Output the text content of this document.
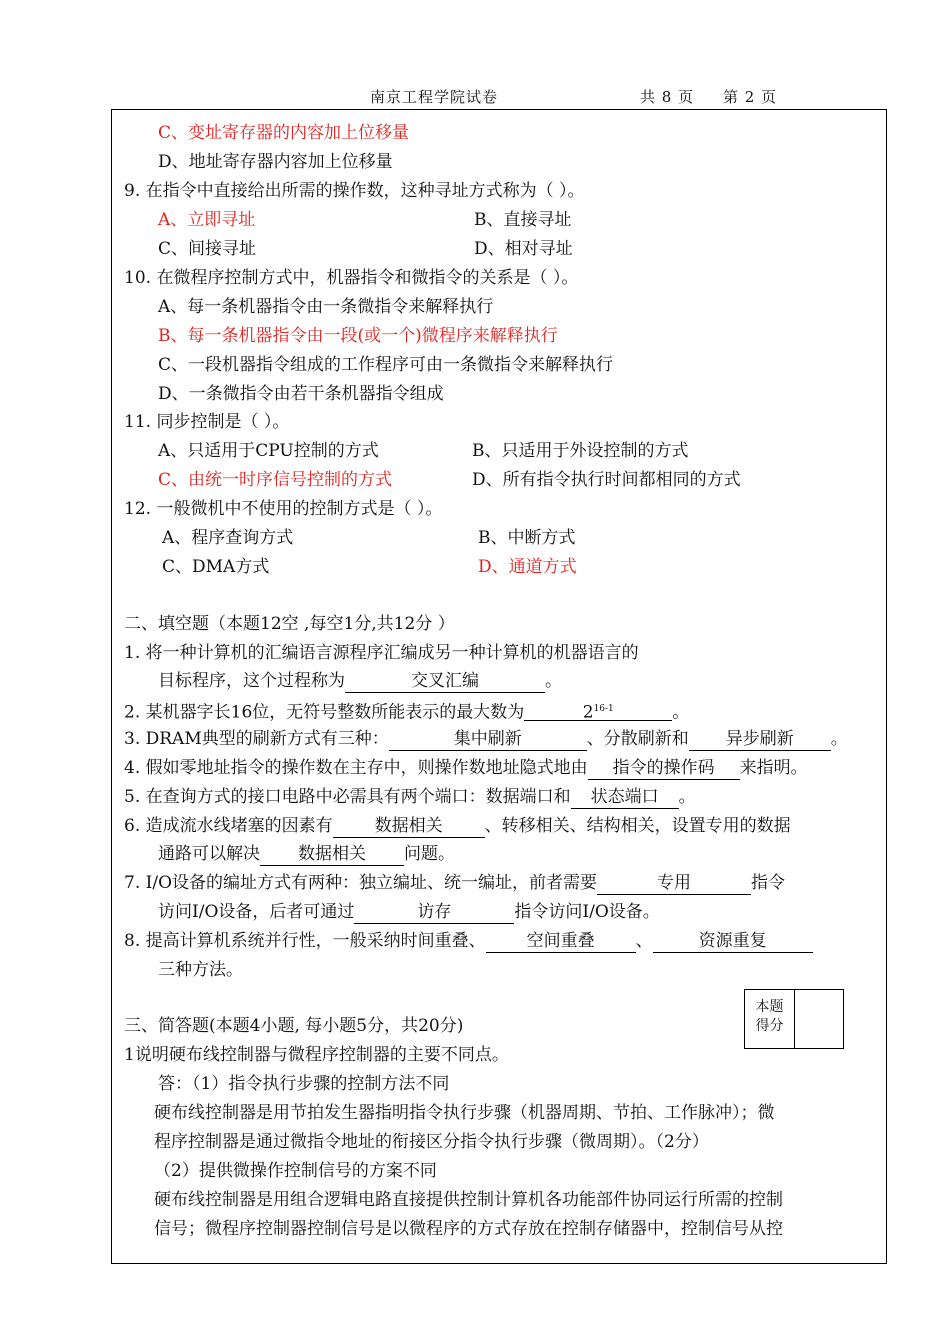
南京工程学院试卷	共 8 页 第 2 页
C、变址寄存器的内容加上位移量
D、地址寄存器内容加上位移量
9. 在指令中直接给出所需的操作数，这种寻址方式称为（ ）。
A、立即寻址	B、直接寻址
C、间接寻址	D、相对寻址
10. 在微程序控制方式中，机器指令和微指令的关系是（ ）。
A、每一条机器指令由一条微指令来解释执行
B、每一条机器指令由一段(或一个)微程序来解释执行
C、一段机器指令组成的工作程序可由一条微指令来解释执行
D、一条微指令由若干条机器指令组成
11. 同步控制是（ ）。
A、只适用于CPU控制的方式	B、只适用于外设控制的方式
C、由统一时序信号控制的方式	D、所有指令执行时间都相同的方式
12. 一般微机中不使用的控制方式是（ ）。
A、程序查询方式	B、中断方式
C、DMA方式	D、通道方式
二、填空题（本题12空 ,每空1分,共12分 ）
1. 将一种计算机的汇编语言源程序汇编成另一种计算机的机器语言的
目标程序，这个过程称为	交叉汇编	。
2. 某机器字长16位，无符号整数所能表示的最大数为	2$^{16-1}$	。
3. DRAM典型的刷新方式有三种：	集中刷新	、分散刷新和 异步刷新 。
4. 假如零地址指令的操作数在主存中，则操作数地址隐式地由 指令的操作码 来指明。
5. 在查询方式的接口电路中必需具有两个端口：数据端口和 状态端口 。
6. 造成流水线堵塞的因素有 数据相关 、转移相关、结构相关，设置专用的数据
通路可以解决 数据相关 问题。
7. I/O设备的编址方式有两种：独立编址、统一编址，前者需要	专用	指令
访问I/O设备，后者可通过	访存	指令访问I/O设备。
8. 提高计算机系统并行性，一般采纳时间重叠、 空间重叠 、	资源重复
三种方法。
本题
得分
三、简答题(本题4小题, 每小题5分，共20分)
1说明硬布线控制器与微程序控制器的主要不同点。
答：（1）指令执行步骤的控制方法不同
硬布线控制器是用节拍发生器指明指令执行步骤（机器周期、节拍、工作脉冲）；微
程序控制器是通过微指令地址的衔接区分指令执行步骤（微周期）。（2分）
（2）提供微操作控制信号的方案不同
硬布线控制器是用组合逻辑电路直接提供控制计算机各功能部件协同运行所需的控制
信号；微程序控制器控制信号是以微程序的方式存放在控制存储器中，控制信号从控
